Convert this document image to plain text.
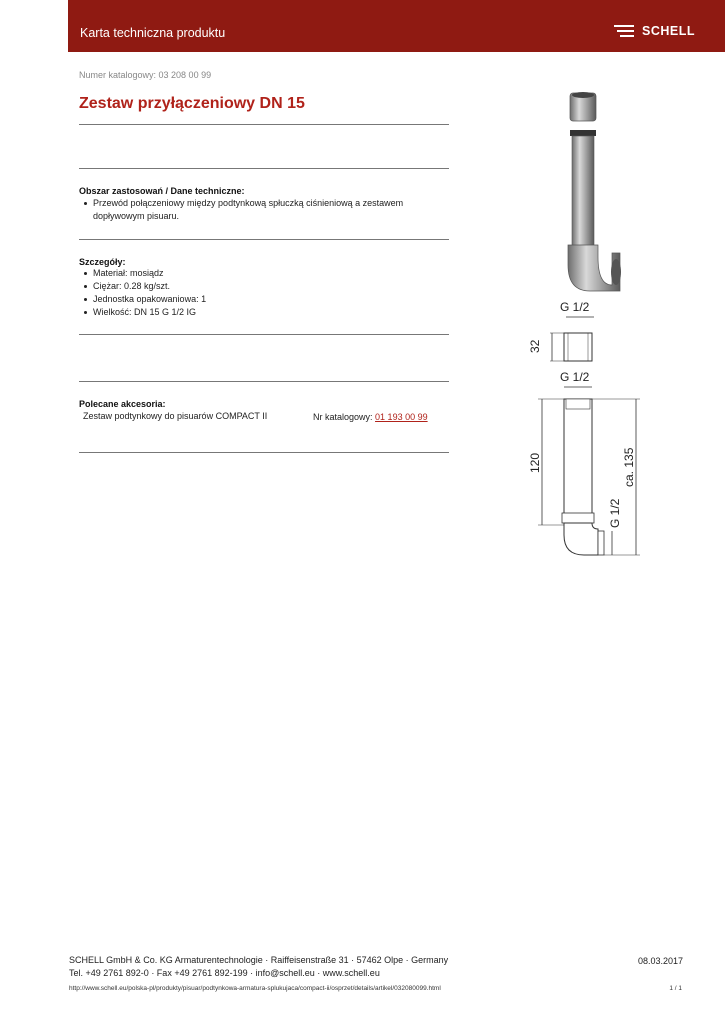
Karta techniczna produktu	SCHELL
Numer katalogowy: 03 208 00 99
Zestaw przyłączeniowy DN 15
Obszar zastosowań / Dane techniczne:
Przewód połączeniowy między podtynkową spłuczką ciśnieniową a zestawem dopływowym pisuaru.
Szczegóły:
Materiał: mosiądz
Ciężar: 0.28 kg/szt.
Jednostka opakowaniowa: 1
Wielkość: DN 15 G 1/2 IG
Polecane akcesoria:
Zestaw podtynkowy do pisuarów COMPACT II	Nr katalogowy: 01 193 00 99
G 1/2
32
G 1/2
120	ca. 135
G 1/2
SCHELL GmbH & Co. KG Armaturentechnologie · Raiffeisenstraße 31 · 57462 Olpe · Germany
Tel. +49 2761 892-0 · Fax +49 2761 892-199 · info@schell.eu · www.schell.eu
08.03.2017
http://www.schell.eu/polska-pl/produkty/pisuar/podtynkowa-armatura-splukujaca/compact-ii/osprzet/details/artikel/032080099.html	1 / 1
